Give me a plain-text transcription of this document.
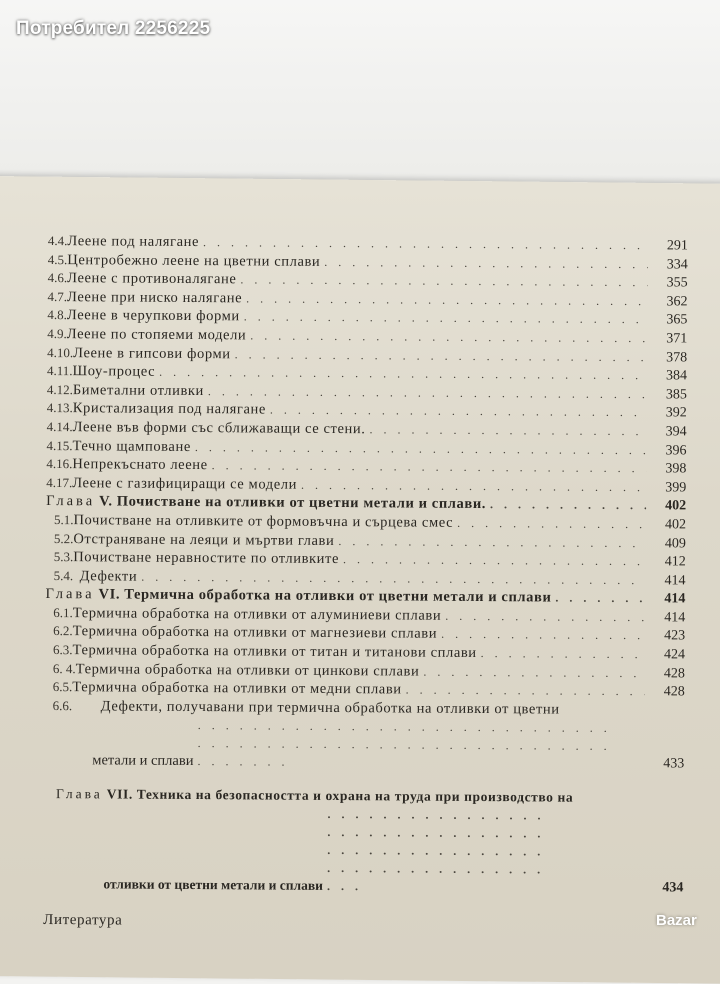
Потребител 2256225
4.4. Леене под налягане . . .	291
4.5. Центробежно леене на цветни сплави . . .	334
4.6. Леене с противоналягане . . .	355
4.7. Леене при ниско налягане . . .	362
4.8. Леене в черупкови форми . . .	365
4.9. Леене по стопяеми модели . . .	371
4.10. Леене в гипсови форми . . .	378
4.11. Шоу-процес . . .	384
4.12. Биметални отливки . . .	385
4.13. Кристализация под налягане . . .	392
4.14. Леене във форми със сближаващи се стени. . . .	394
4.15. Течно щамповане . . .	396
4.16. Непрекъснато леене . . .	398
4.17. Леене с газифициращи се модели . . .	399
Глава V. Почистване на отливки от цветни метали и сплави. . . .	402
5.1. Почистване на отливките от формовъчна и сърцева смес . . .	402
5.2. Отстраняване на леяци и мъртви глави . . .	409
5.3. Почистване неравностите по отливките . . .	412
5.4. Дефекти . . .	414
Глава VI. Термична обработка на отливки от цветни метали и сплави . . .	414
6.1. Термична обработка на отливки от алуминиеви сплави . . .	414
6.2. Термична обработка на отливки от магнезиеви сплави . . .	423
6.3. Термична обработка на отливки от титан и титанови сплави . . .	424
6. 4. Термична обработка на отливки от цинкови сплави . . .	428
6.5. Термична обработка на отливки от медни сплави . . .	428
6.6. Дефекти, получавани при термична обработка на отливки от цветни
метали и сплави . . .	433
Глава VII. Техника на безопасността и охрана на труда при производство на
отливки от цветни метали и сплави . . .	434
Литература	Bazar
